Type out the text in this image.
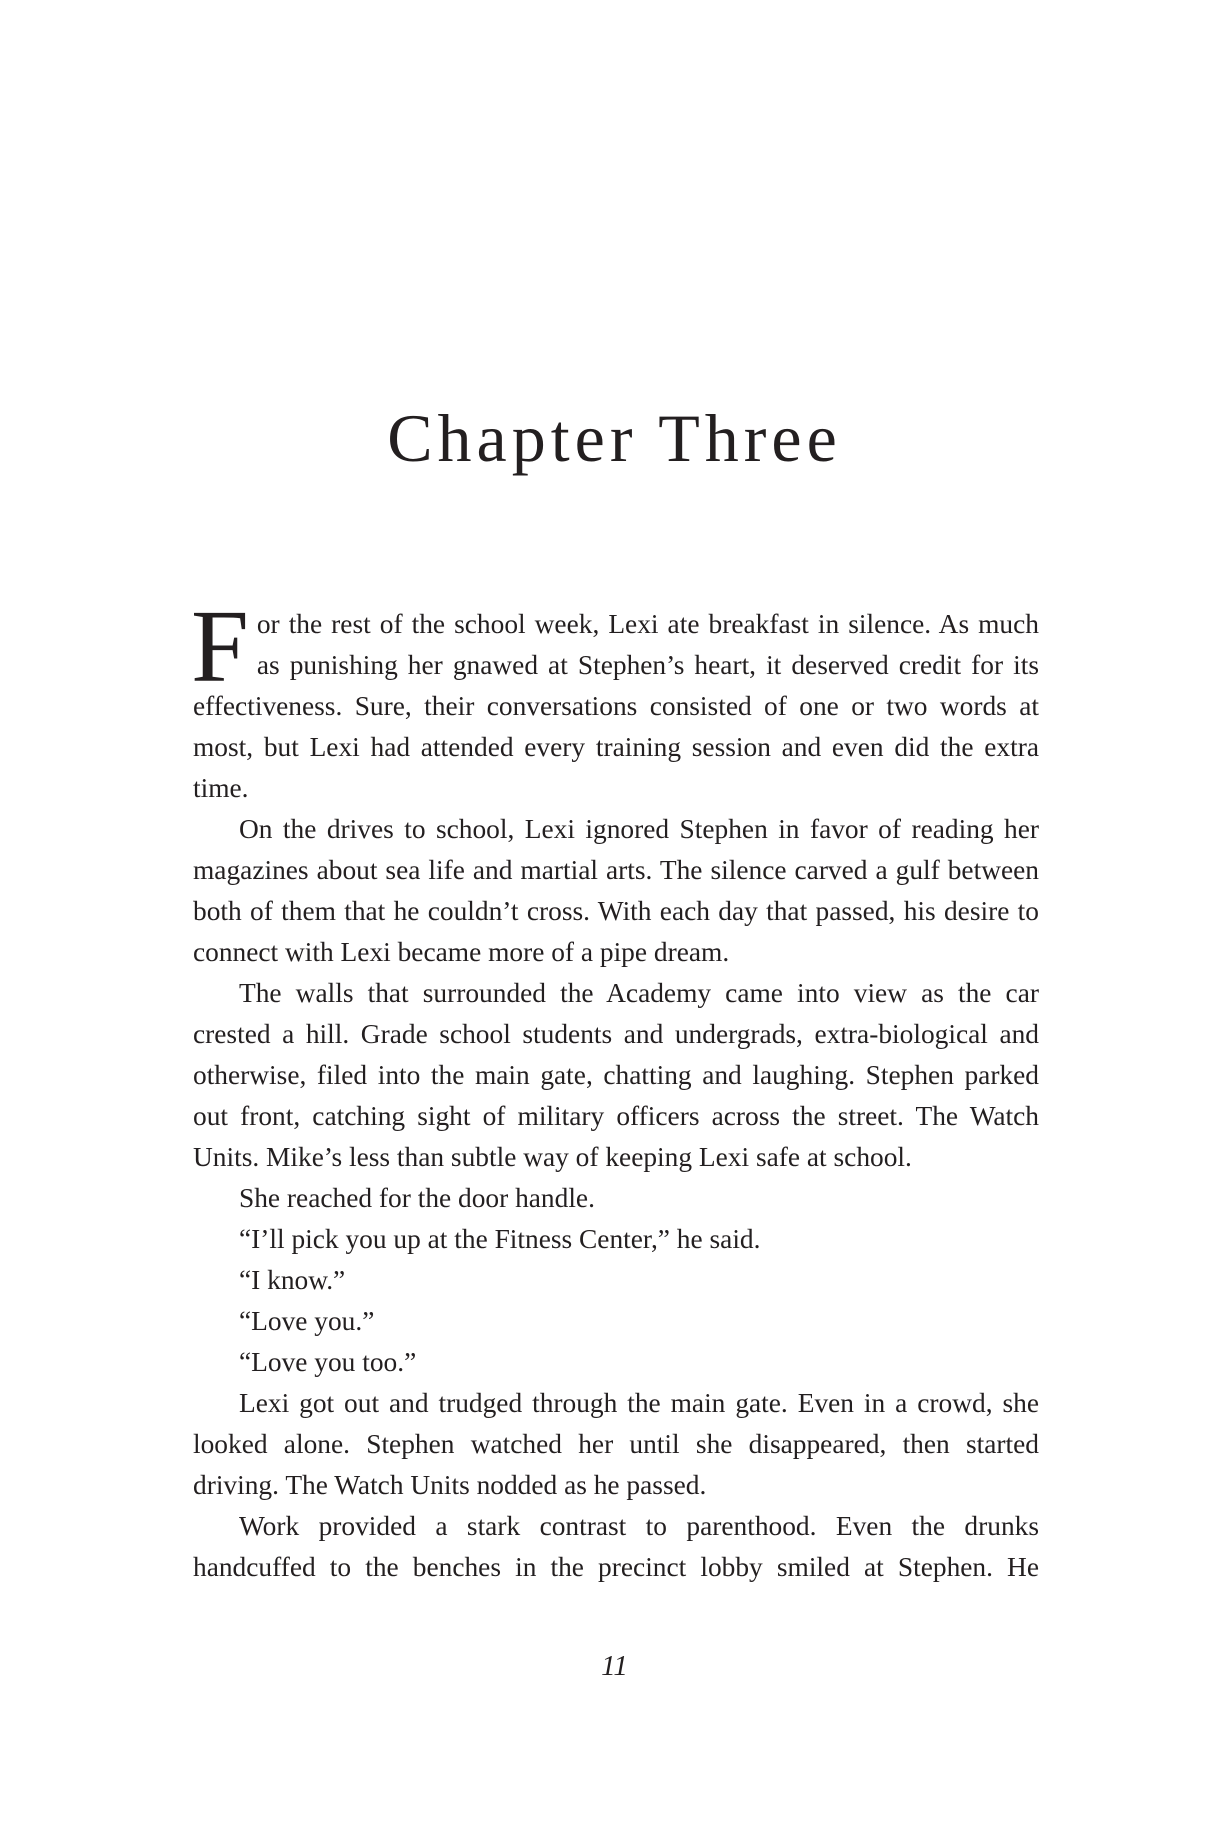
Chapter Three

For the rest of the school week, Lexi ate breakfast in silence. As much as punishing her gnawed at Stephen’s heart, it deserved credit for its effectiveness. Sure, their conversations consisted of one or two words at most, but Lexi had attended every training session and even did the extra time.

On the drives to school, Lexi ignored Stephen in favor of reading her magazines about sea life and martial arts. The silence carved a gulf between both of them that he couldn’t cross. With each day that passed, his desire to connect with Lexi became more of a pipe dream.

The walls that surrounded the Academy came into view as the car crested a hill. Grade school students and undergrads, extra-biological and otherwise, filed into the main gate, chatting and laughing. Stephen parked out front, catching sight of military officers across the street. The Watch Units. Mike’s less than subtle way of keeping Lexi safe at school.

She reached for the door handle.

“I’ll pick you up at the Fitness Center,” he said.

“I know.”

“Love you.”

“Love you too.”

Lexi got out and trudged through the main gate. Even in a crowd, she looked alone. Stephen watched her until she disappeared, then started driving. The Watch Units nodded as he passed.

Work provided a stark contrast to parenthood. Even the drunks handcuffed to the benches in the precinct lobby smiled at Stephen. He

11
